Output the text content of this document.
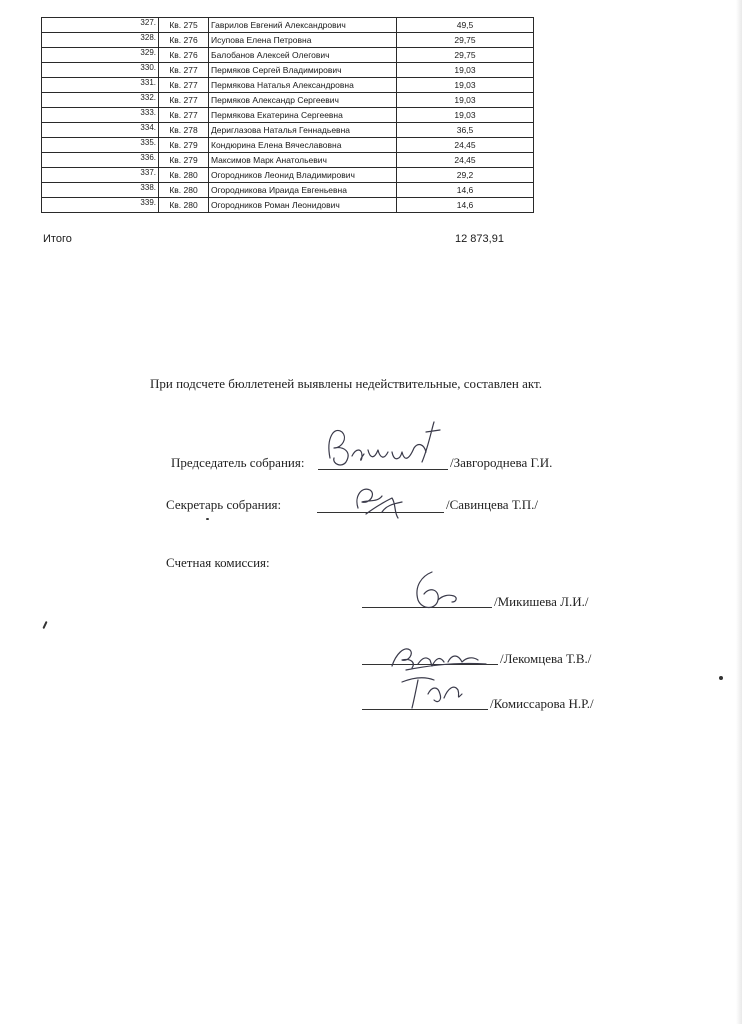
327.	Кв. 275	Гаврилов Евгений Александрович	49,5
328.	Кв. 276	Исупова Елена Петровна	29,75
329.	Кв. 276	Балобанов Алексей Олегович	29,75
330.	Кв. 277	Пермяков Сергей Владимирович	19,03
331.	Кв. 277	Пермякова Наталья Александровна	19,03
332.	Кв. 277	Пермяков Александр Сергеевич	19,03
333.	Кв. 277	Пермякова Екатерина Сергеевна	19,03
334.	Кв. 278	Дериглазова Наталья Геннадьевна	36,5
335.	Кв. 279	Кондюрина Елена Вячеславовна	24,45
336.	Кв. 279	Максимов Марк Анатольевич	24,45
337.	Кв. 280	Огородников Леонид Владимирович	29,2
338.	Кв. 280	Огородникова Ираида Евгеньевна	14,6
339.	Кв. 280	Огородников Роман Леонидович	14,6
Итого	12 873,91
При подсчете бюллетеней выявлены недействительные, составлен акт.
Председатель собрания:	/Завгороднева Г.И.
Секретарь собрания:	/Савинцева Т.П./
Счетная комиссия:
/Микишева Л.И./
/Лекомцева Т.В./
/Комиссарова Н.Р./
